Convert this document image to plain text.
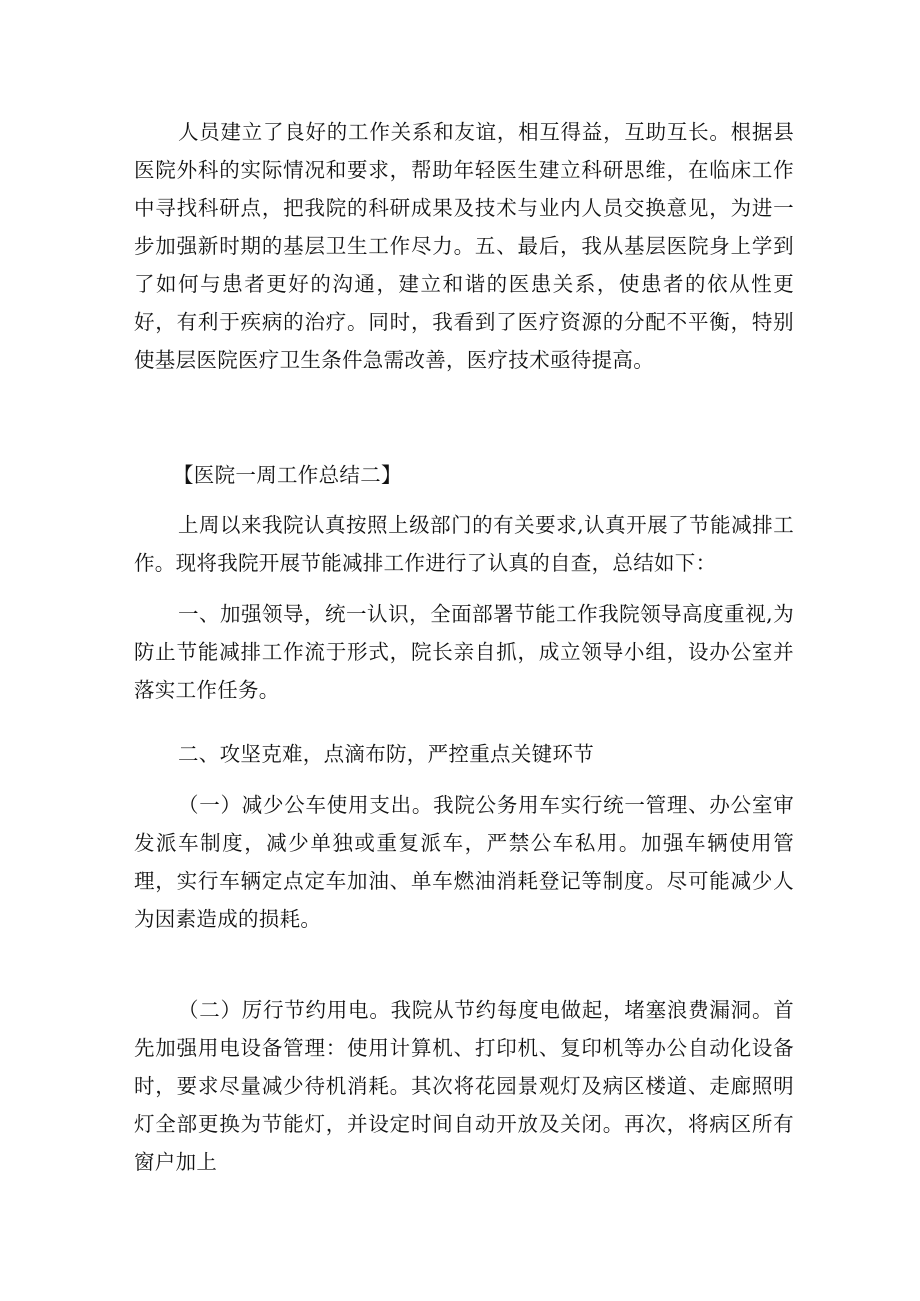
人员建立了良好的工作关系和友谊，相互得益，互助互长。根据县医院外科的实际情况和要求，帮助年轻医生建立科研思维，在临床工作中寻找科研点，把我院的科研成果及技术与业内人员交换意见，为进一步加强新时期的基层卫生工作尽力。五、最后，我从基层医院身上学到了如何与患者更好的沟通，建立和谐的医患关系，使患者的依从性更好，有利于疾病的治疗。同时，我看到了医疗资源的分配不平衡，特别使基层医院医疗卫生条件急需改善，医疗技术亟待提高。

【医院一周工作总结二】

上周以来我院认真按照上级部门的有关要求,认真开展了节能减排工作。现将我院开展节能减排工作进行了认真的自查，总结如下：

一、加强领导，统一认识，全面部署节能工作我院领导高度重视,为防止节能减排工作流于形式，院长亲自抓，成立领导小组，设办公室并落实工作任务。

二、攻坚克难，点滴布防，严控重点关键环节

（一）减少公车使用支出。我院公务用车实行统一管理、办公室审发派车制度，减少单独或重复派车，严禁公车私用。加强车辆使用管理，实行车辆定点定车加油、单车燃油消耗登记等制度。尽可能减少人为因素造成的损耗。

（二）厉行节约用电。我院从节约每度电做起，堵塞浪费漏洞。首先加强用电设备管理：使用计算机、打印机、复印机等办公自动化设备时，要求尽量减少待机消耗。其次将花园景观灯及病区楼道、走廊照明灯全部更换为节能灯，并设定时间自动开放及关闭。再次，将病区所有窗户加上
